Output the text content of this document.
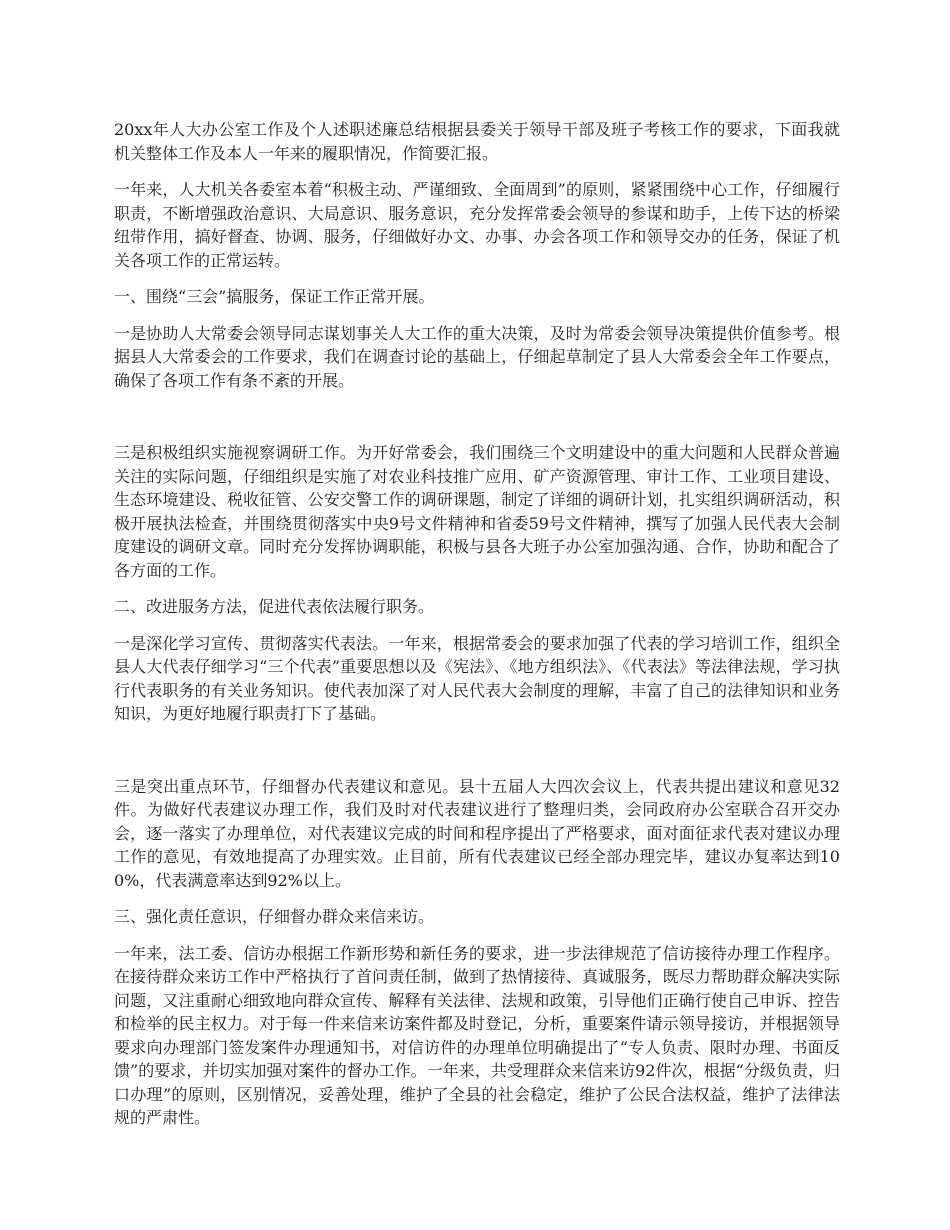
20xx年人大办公室工作及个人述职述廉总结根据县委关于领导干部及班子考核工作的要求，下面我就机关整体工作及本人一年来的履职情况，作简要汇报。

一年来，人大机关各委室本着“积极主动、严谨细致、全面周到”的原则，紧紧围绕中心工作，仔细履行职责，不断增强政治意识、大局意识、服务意识，充分发挥常委会领导的参谋和助手，上传下达的桥梁纽带作用，搞好督查、协调、服务，仔细做好办文、办事、办会各项工作和领导交办的任务，保证了机关各项工作的正常运转。

一、围绕“三会”搞服务，保证工作正常开展。

一是协助人大常委会领导同志谋划事关人大工作的重大决策，及时为常委会领导决策提供价值参考。根据县人大常委会的工作要求，我们在调查讨论的基础上，仔细起草制定了县人大常委会全年工作要点，确保了各项工作有条不紊的开展。

三是积极组织实施视察调研工作。为开好常委会，我们围绕三个文明建设中的重大问题和人民群众普遍关注的实际问题，仔细组织是实施了对农业科技推广应用、矿产资源管理、审计工作、工业项目建设、生态环境建设、税收征管、公安交警工作的调研课题，制定了详细的调研计划，扎实组织调研活动，积极开展执法检查，并围绕贯彻落实中央9号文件精神和省委59号文件精神，撰写了加强人民代表大会制度建设的调研文章。同时充分发挥协调职能，积极与县各大班子办公室加强沟通、合作，协助和配合了各方面的工作。

二、改进服务方法，促进代表依法履行职务。

一是深化学习宣传、贯彻落实代表法。一年来，根据常委会的要求加强了代表的学习培训工作，组织全县人大代表仔细学习“三个代表”重要思想以及《宪法》、《地方组织法》、《代表法》等法律法规，学习执行代表职务的有关业务知识。使代表加深了对人民代表大会制度的理解，丰富了自己的法律知识和业务知识，为更好地履行职责打下了基础。

三是突出重点环节，仔细督办代表建议和意见。县十五届人大四次会议上，代表共提出建议和意见32件。为做好代表建议办理工作，我们及时对代表建议进行了整理归类，会同政府办公室联合召开交办会，逐一落实了办理单位，对代表建议完成的时间和程序提出了严格要求，面对面征求代表对建议办理工作的意见，有效地提高了办理实效。止目前，所有代表建议已经全部办理完毕，建议办复率达到100%，代表满意率达到92%以上。

三、强化责任意识，仔细督办群众来信来访。

一年来，法工委、信访办根据工作新形势和新任务的要求，进一步法律规范了信访接待办理工作程序。在接待群众来访工作中严格执行了首问责任制，做到了热情接待、真诚服务，既尽力帮助群众解决实际问题，又注重耐心细致地向群众宣传、解释有关法律、法规和政策，引导他们正确行使自己申诉、控告和检举的民主权力。对于每一件来信来访案件都及时登记，分析，重要案件请示领导接访，并根据领导要求向办理部门签发案件办理通知书，对信访件的办理单位明确提出了“专人负责、限时办理、书面反馈”的要求，并切实加强对案件的督办工作。一年来，共受理群众来信来访92件次，根据“分级负责，归口办理”的原则，区别情况，妥善处理，维护了全县的社会稳定，维护了公民合法权益，维护了法律法规的严肃性。
